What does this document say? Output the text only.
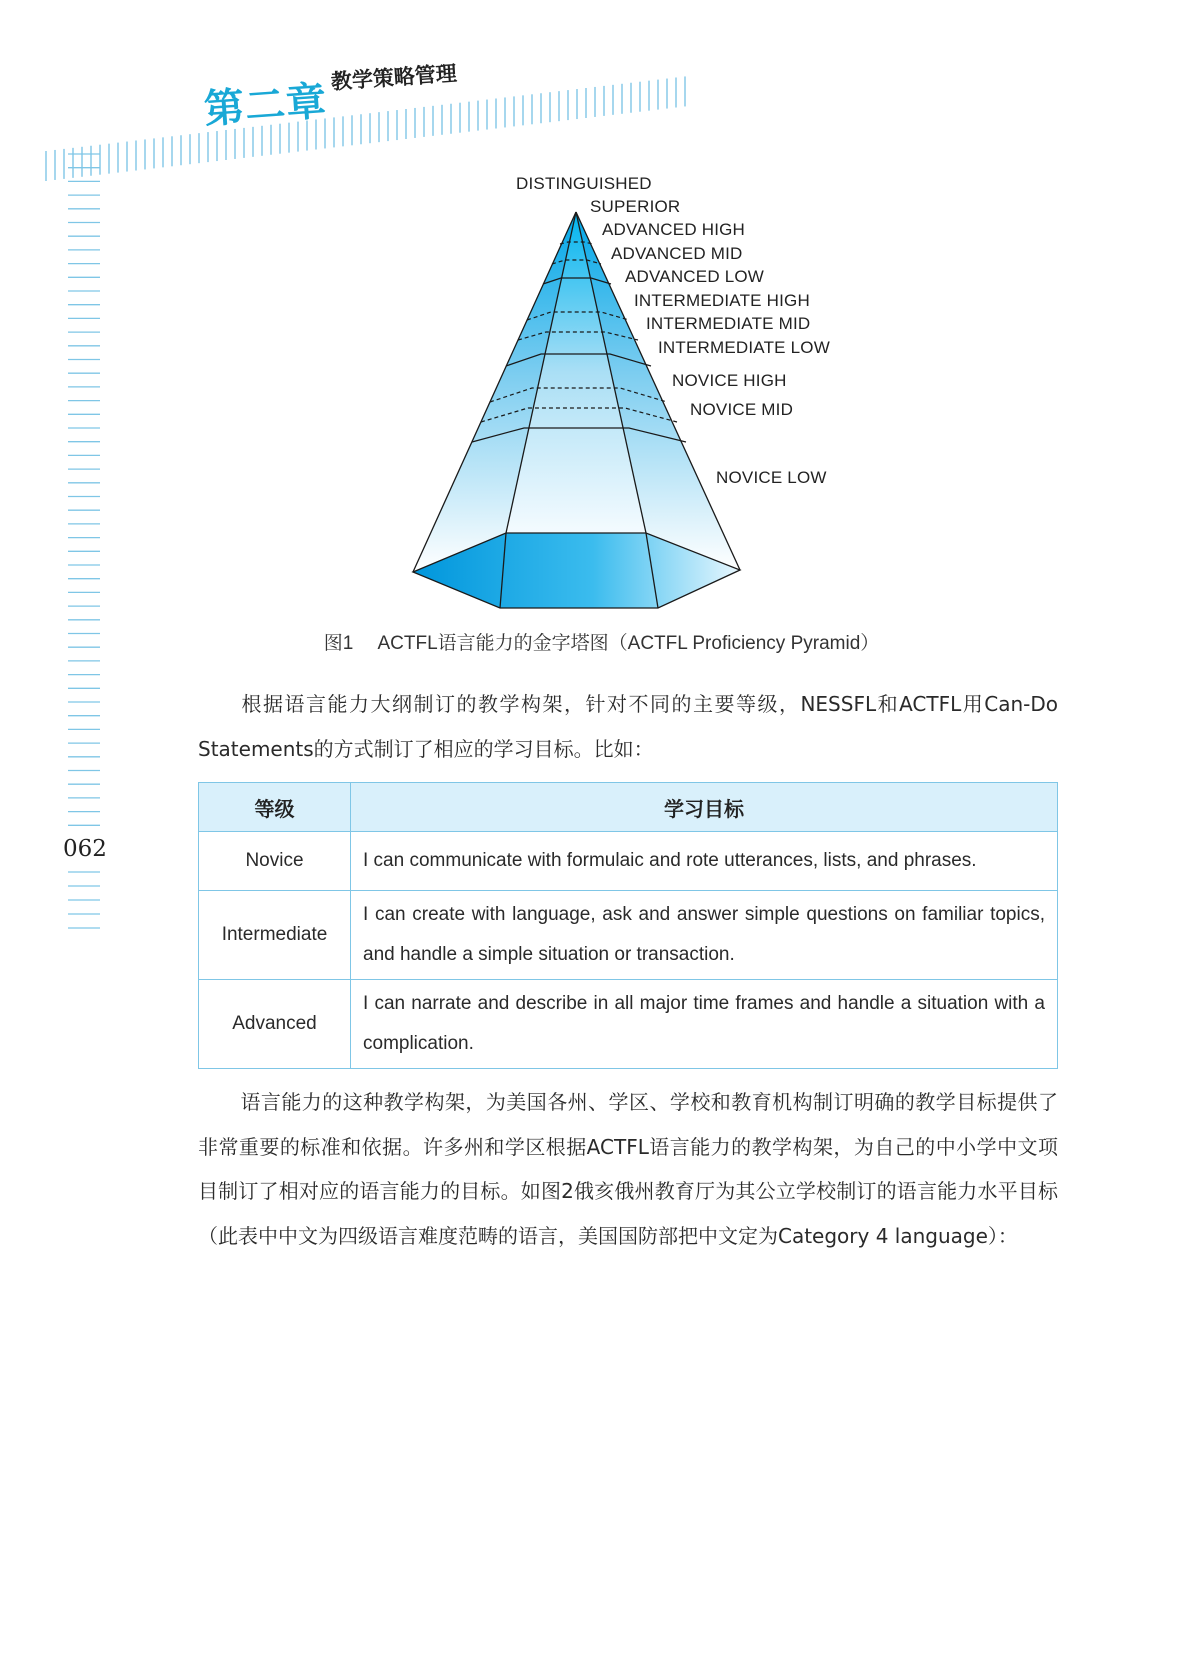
第二章
教学策略管理
062
DISTINGUISHED
SUPERIOR
ADVANCED HIGH
ADVANCED MID
ADVANCED LOW
INTERMEDIATE HIGH
INTERMEDIATE MID
INTERMEDIATE LOW
NOVICE HIGH
NOVICE MID
NOVICE LOW
图1 ACTFL语言能力的金字塔图（ACTFL Proficiency Pyramid）
根据语言能力大纲制订的教学构架，针对不同的主要等级，NESSFL和ACTFL用Can-Do Statements的方式制订了相应的学习目标。比如：
等级	学习目标
Novice	I can communicate with formulaic and rote utterances, lists, and phrases.
Intermediate	I can create with language, ask and answer simple questions on familiar topics, and handle a simple situation or transaction.
Advanced	I can narrate and describe in all major time frames and handle a situation with a complication.
语言能力的这种教学构架，为美国各州、学区、学校和教育机构制订明确的教学目标提供了非常重要的标准和依据。许多州和学区根据ACTFL语言能力的教学构架，为自己的中小学中文项目制订了相对应的语言能力的目标。如图2俄亥俄州教育厅为其公立学校制订的语言能力水平目标（此表中中文为四级语言难度范畴的语言，美国国防部把中文定为Category 4 language）：
